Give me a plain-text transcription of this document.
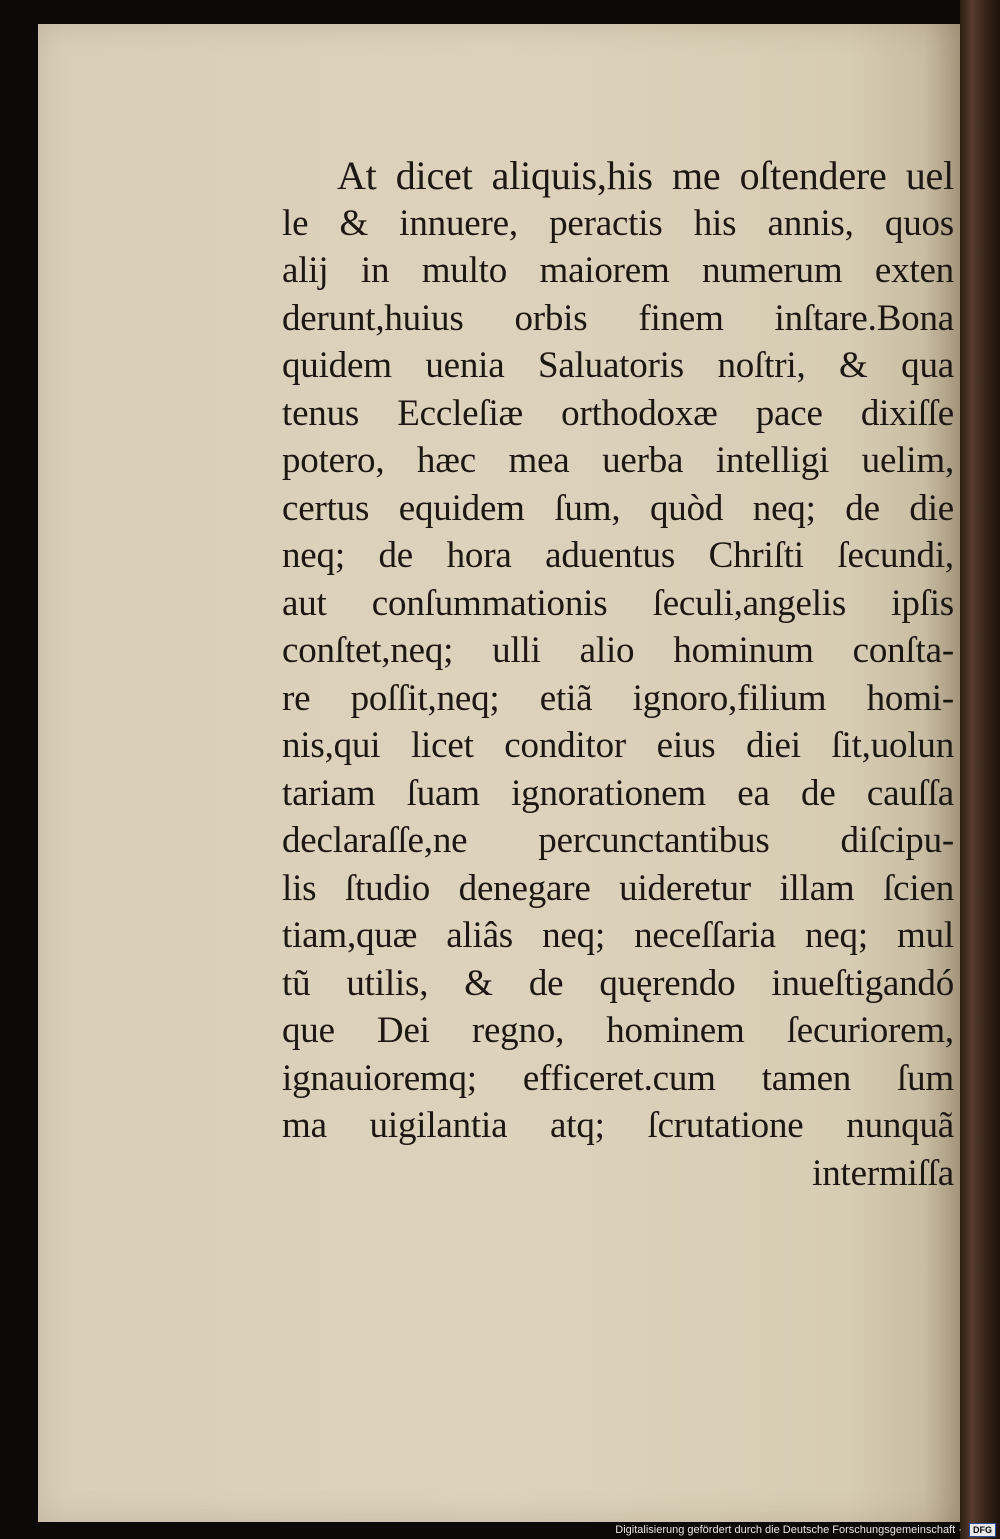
At dicet aliquis,his me oſtendere uel
le & innuere, peractis his annis, quos
alij in multo maiorem numerum exten
derunt,huius orbis finem inſtare.Bona
quidem uenia Saluatoris noſtri, & qua
tenus Eccleſiæ orthodoxæ pace dixiſſe
potero, hæc mea uerba intelligi uelim,
certus equidem ſum, quòd neq; de die
neq; de hora aduentus Chriſti ſecundi,
aut conſummationis ſeculi,angelis ipſis
conſtet,neq; ulli alio hominum conſta-
re poſſit,neq; etiã ignoro,filium homi-
nis,qui licet conditor eius diei ſit,uolun
tariam ſuam ignorationem ea de cauſſa
declaraſſe,ne percunctantibus diſcipu-
lis ſtudio denegare uideretur illam ſcien
tiam,quæ aliâs neq; neceſſaria neq; mul
tũ utilis, & de quęrendo inueſtigandó
que Dei regno, hominem ſecuriorem,
ignauioremq; efficeret.cum tamen ſum
ma uigilantia atq; ſcrutatione nunquã
intermiſſa
Digitalisierung gefördert durch die Deutsche Forschungsgemeinschaft · DFG
